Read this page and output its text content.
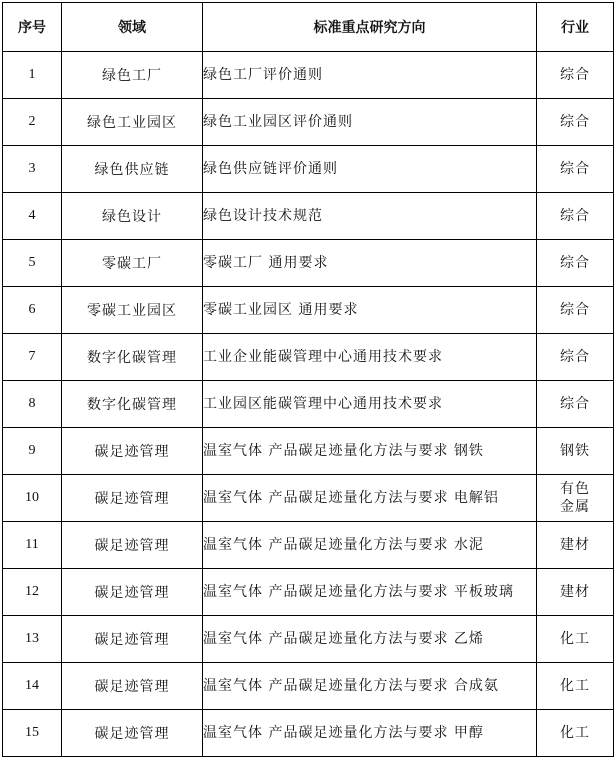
序号	领域	标准重点研究方向	行业
1	绿色工厂	绿色工厂评价通则	综合
2	绿色工业园区	绿色工业园区评价通则	综合
3	绿色供应链	绿色供应链评价通则	综合
4	绿色设计	绿色设计技术规范	综合
5	零碳工厂	零碳工厂 通用要求	综合
6	零碳工业园区	零碳工业园区 通用要求	综合
7	数字化碳管理	工业企业能碳管理中心通用技术要求	综合
8	数字化碳管理	工业园区能碳管理中心通用技术要求	综合
9	碳足迹管理	温室气体 产品碳足迹量化方法与要求 钢铁	钢铁
10	碳足迹管理	温室气体 产品碳足迹量化方法与要求 电解铝	有色金属
11	碳足迹管理	温室气体 产品碳足迹量化方法与要求 水泥	建材
12	碳足迹管理	温室气体 产品碳足迹量化方法与要求 平板玻璃	建材
13	碳足迹管理	温室气体 产品碳足迹量化方法与要求 乙烯	化工
14	碳足迹管理	温室气体 产品碳足迹量化方法与要求 合成氨	化工
15	碳足迹管理	温室气体 产品碳足迹量化方法与要求 甲醇	化工
